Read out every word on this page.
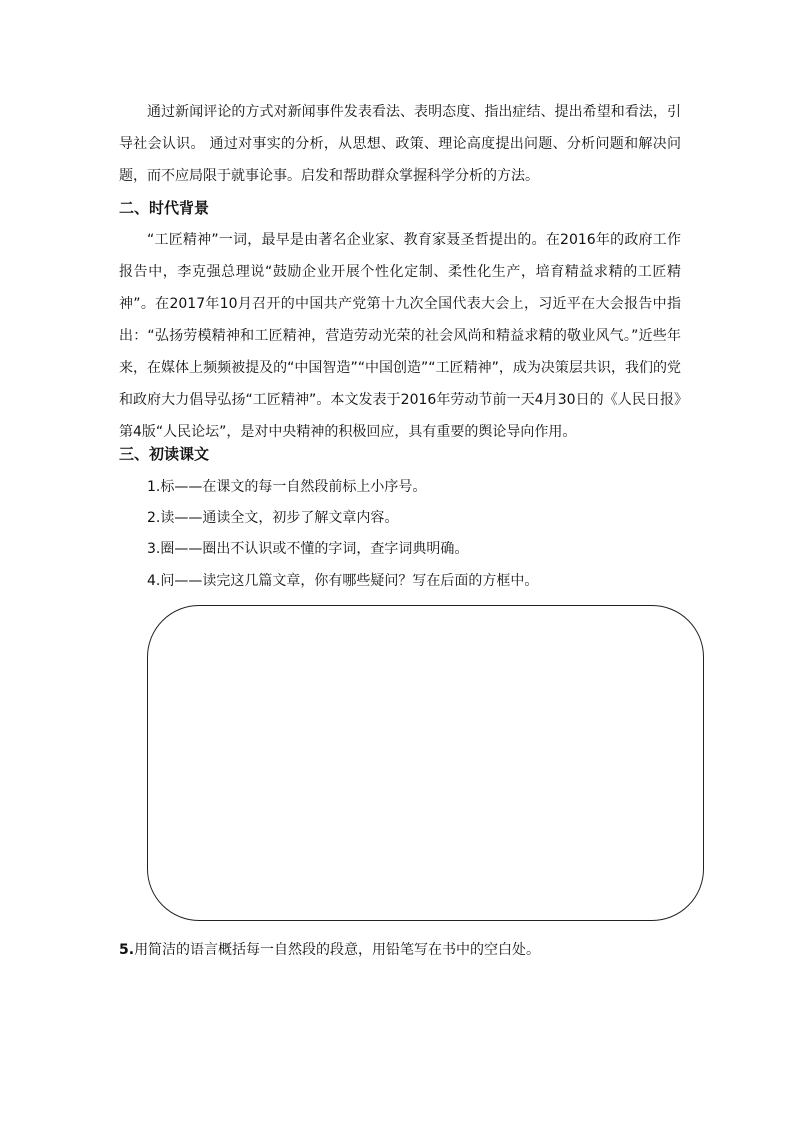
通过新闻评论的方式对新闻事件发表看法、表明态度、指出症结、提出希望和看法，引导社会认识。 通过对事实的分析，从思想、政策、理论高度提出问题、分析问题和解决问题，而不应局限于就事论事。启发和帮助群众掌握科学分析的方法。

二、时代背景

“工匠精神”一词，最早是由著名企业家、教育家聂圣哲提出的。在2016年的政府工作报告中，李克强总理说“鼓励企业开展个性化定制、柔性化生产，培育精益求精的工匠精神”。在2017年10月召开的中国共产党第十九次全国代表大会上，习近平在大会报告中指出：“弘扬劳模精神和工匠精神，营造劳动光荣的社会风尚和精益求精的敬业风气。”近些年来，在媒体上频频被提及的“中国智造”“中国创造”“工匠精神”，成为决策层共识，我们的党和政府大力倡导弘扬“工匠精神”。本文发表于2016年劳动节前一天4月30日的《人民日报》第4版“人民论坛”，是对中央精神的积极回应，具有重要的舆论导向作用。

三、初读课文

1.标——在课文的每一自然段前标上小序号。

2.读——通读全文，初步了解文章内容。

3.圈——圈出不认识或不懂的字词，查字词典明确。

4.问——读完这几篇文章，你有哪些疑问？写在后面的方框中。

5.用简洁的语言概括每一自然段的段意，用铅笔写在书中的空白处。
